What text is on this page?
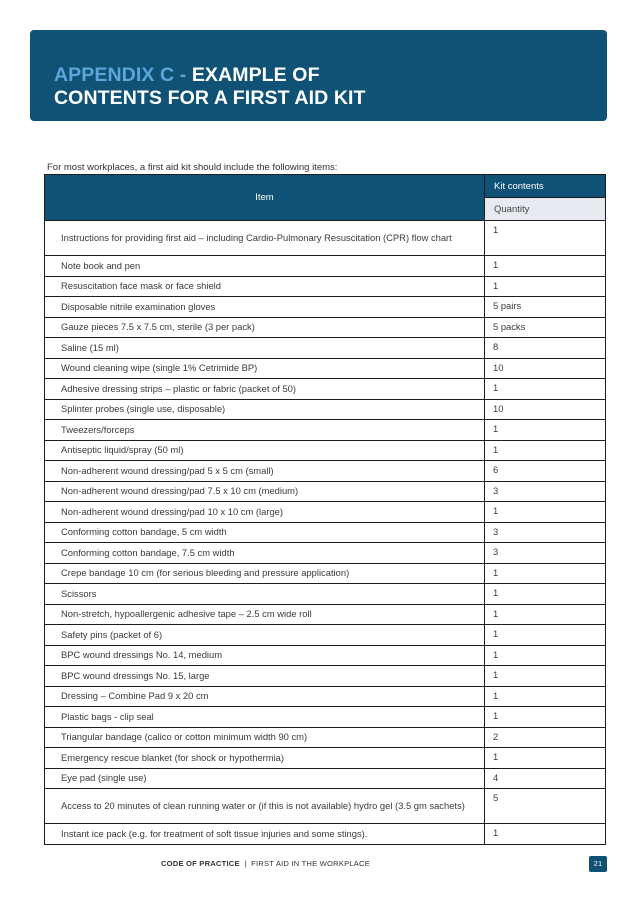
APPENDIX C - EXAMPLE OF
CONTENTS FOR A FIRST AID KIT
For most workplaces, a first aid kit should include the following items:
Item	Kit contents
	Quantity
Instructions for providing first aid – including Cardio-Pulmonary Resuscitation (CPR) flow chart	1
Note book and pen	1
Resuscitation face mask or face shield	1
Disposable nitrile examination gloves	5 pairs
Gauze pieces 7.5 x 7.5 cm, sterile (3 per pack)	5 packs
Saline (15 ml)	8
Wound cleaning wipe (single 1% Cetrimide BP)	10
Adhesive dressing strips – plastic or fabric (packet of 50)	1
Splinter probes (single use, disposable)	10
Tweezers/forceps	1
Antiseptic liquid/spray (50 ml)	1
Non-adherent wound dressing/pad 5 x 5 cm (small)	6
Non-adherent wound dressing/pad 7.5 x 10 cm (medium)	3
Non-adherent wound dressing/pad 10 x 10 cm (large)	1
Conforming cotton bandage, 5 cm width	3
Conforming cotton bandage, 7.5 cm width	3
Crepe bandage 10 cm (for serious bleeding and pressure application)	1
Scissors	1
Non-stretch, hypoallergenic adhesive tape – 2.5 cm wide roll	1
Safety pins (packet of 6)	1
BPC wound dressings No. 14, medium	1
BPC wound dressings No. 15, large	1
Dressing – Combine Pad 9 x 20 cm	1
Plastic bags - clip seal	1
Triangular bandage (calico or cotton minimum width 90 cm)	2
Emergency rescue blanket (for shock or hypothermia)	1
Eye pad (single use)	4
Access to 20 minutes of clean running water or (if this is not available) hydro gel (3.5 gm sachets)	5
Instant ice pack (e.g. for treatment of soft tissue injuries and some stings).	1
CODE OF PRACTICE | FIRST AID IN THE WORKPLACE	21
